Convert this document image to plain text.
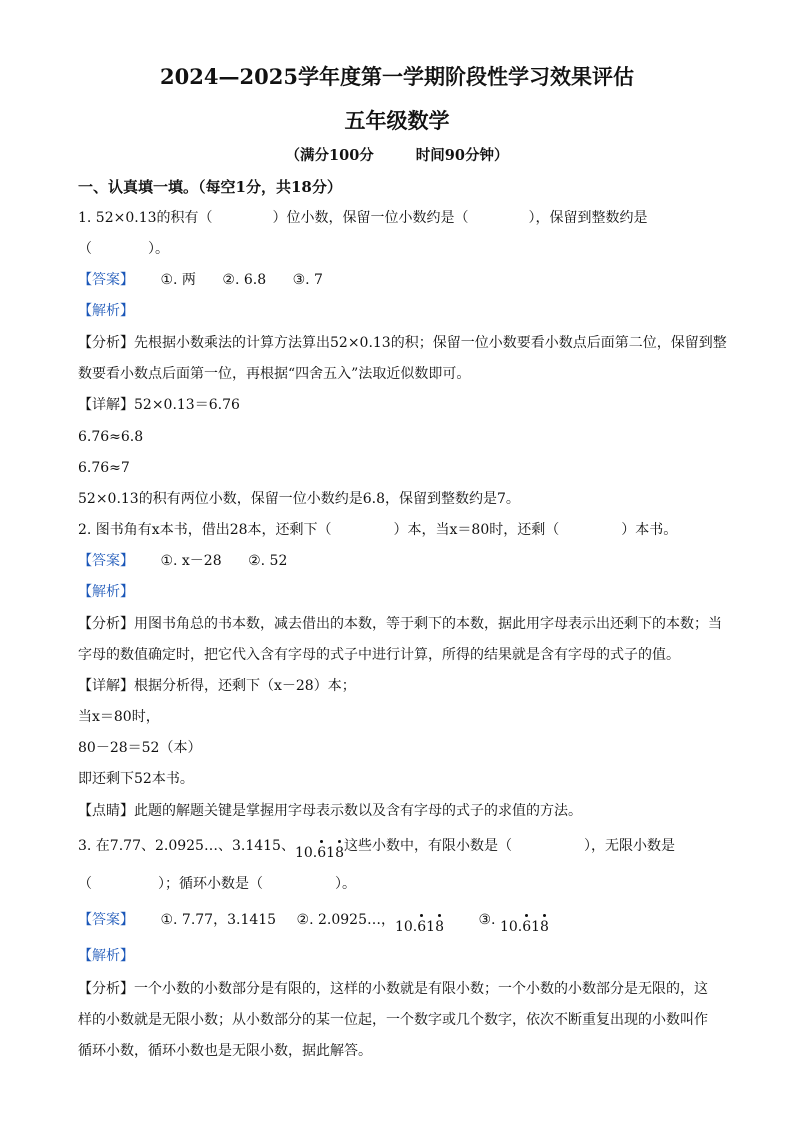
2024—2025学年度第一学期阶段性学习效果评估
五年级数学
（满分100分	时间90分钟）
一、认真填一填。（每空1分，共18分）
1. 52×0.13的积有（	）位小数，保留一位小数约是（	），保留到整数约是
（　　　　）。
【答案】 ①. 两 ②. 6.8 ③. 7
【解析】
【分析】先根据小数乘法的计算方法算出52×0.13的积；保留一位小数要看小数点后面第二位，保留到整
数要看小数点后面第一位，再根据“四舍五入”法取近似数即可。
【详解】52×0.13＝6.76
6.76≈6.8
6.76≈7
52×0.13的积有两位小数，保留一位小数约是6.8，保留到整数约是7。
2. 图书角有x本书，借出28本，还剩下（	）本，当x＝80时，还剩（	）本书。
【答案】 ①. x－28 ②. 52
【解析】
【分析】用图书角总的书本数，减去借出的本数，等于剩下的本数，据此用字母表示出还剩下的本数；当
字母的数值确定时，把它代入含有字母的式子中进行计算，所得的结果就是含有字母的式子的值。
【详解】根据分析得，还剩下（x－28）本；
当x＝80时，
80－28＝52（本）
即还剩下52本书。
【点睛】此题的解题关键是掌握用字母表示数以及含有字母的式子的求值的方法。
3. 在7.77、2.0925…、3.1415、10.618这些小数中，有限小数是（	），无限小数是
（	）；循环小数是（	）。
【答案】 ①. 7.77，3.1415 ②. 2.0925…，10.618 ③. 10.618
【解析】
【分析】一个小数的小数部分是有限的，这样的小数就是有限小数；一个小数的小数部分是无限的，这
样的小数就是无限小数；从小数部分的某一位起，一个数字或几个数字，依次不断重复出现的小数叫作
循环小数，循环小数也是无限小数，据此解答。
